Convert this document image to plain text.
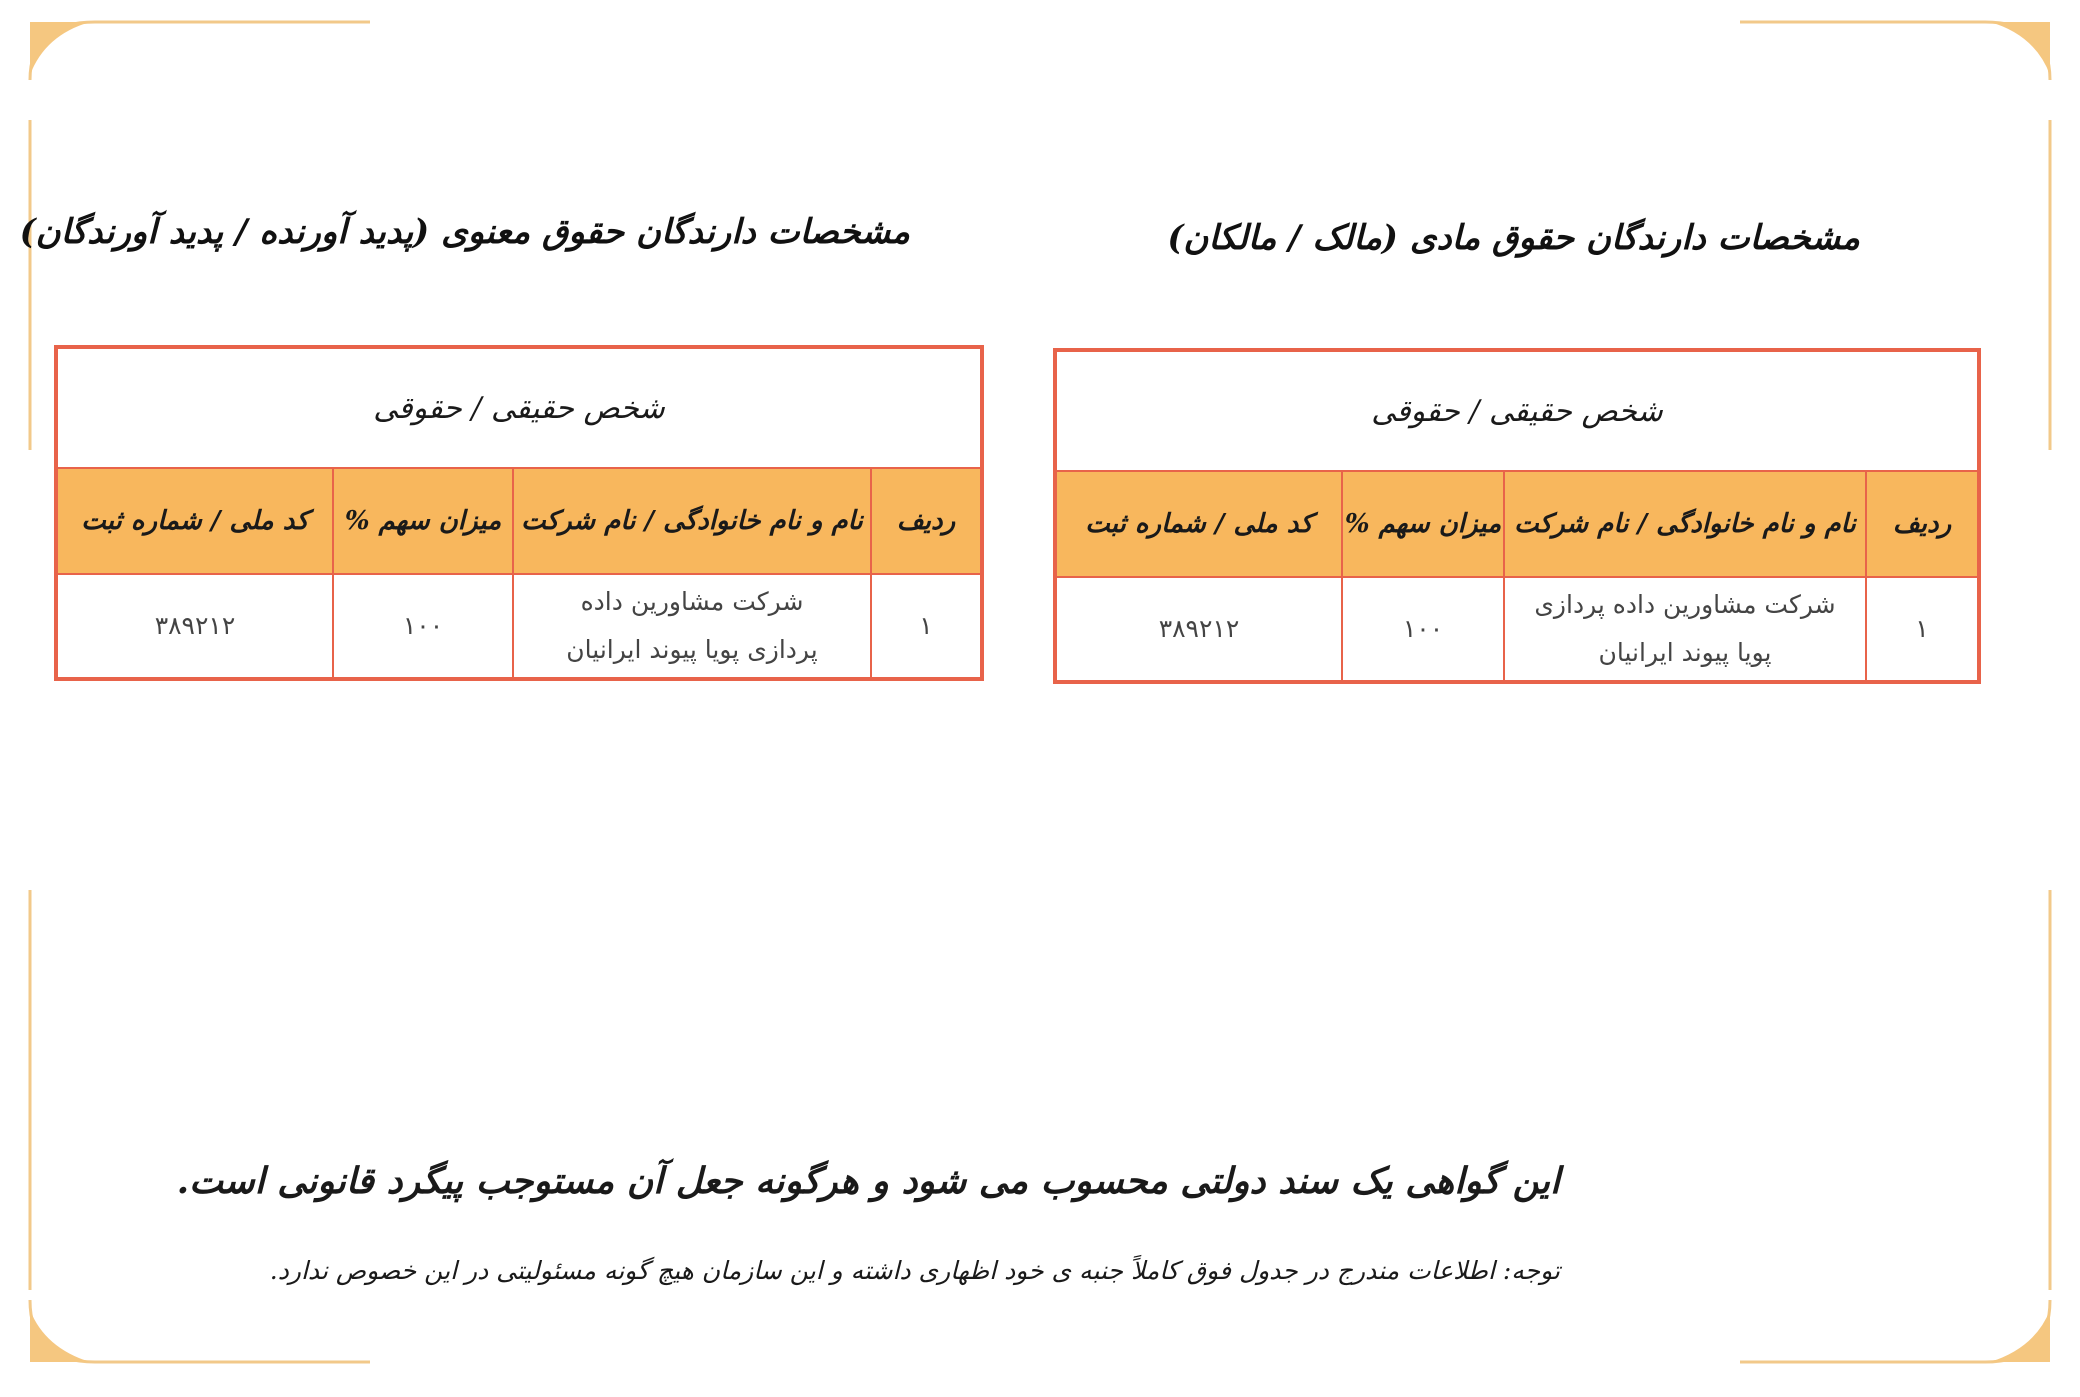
مشخصات دارندگان حقوق مادی (مالک / مالکان)
مشخصات دارندگان حقوق معنوی (پدید آورنده / پدید آورندگان)
شخص حقیقی / حقوقی			
ردیف	نام و نام خانوادگی / نام شرکت	میزان سهم %	کد ملی / شماره ثبت
۱	شرکت مشاورین داده پردازی
پویا پیوند ایرانیان	۱۰۰	۳۸۹۲۱۲
شخص حقیقی / حقوقی			
ردیف	نام و نام خانوادگی / نام شرکت	میزان سهم %	کد ملی / شماره ثبت
۱	شرکت مشاورین داده
پردازی پویا پیوند ایرانیان	۱۰۰	۳۸۹۲۱۲
این گواهی یک سند دولتی محسوب می شود و هرگونه جعل آن مستوجب پیگرد قانونی است.
توجه: اطلاعات مندرج در جدول فوق کاملاً جنبه ی خود اظهاری داشته و این سازمان هیچ گونه مسئولیتی در این خصوص ندارد.
